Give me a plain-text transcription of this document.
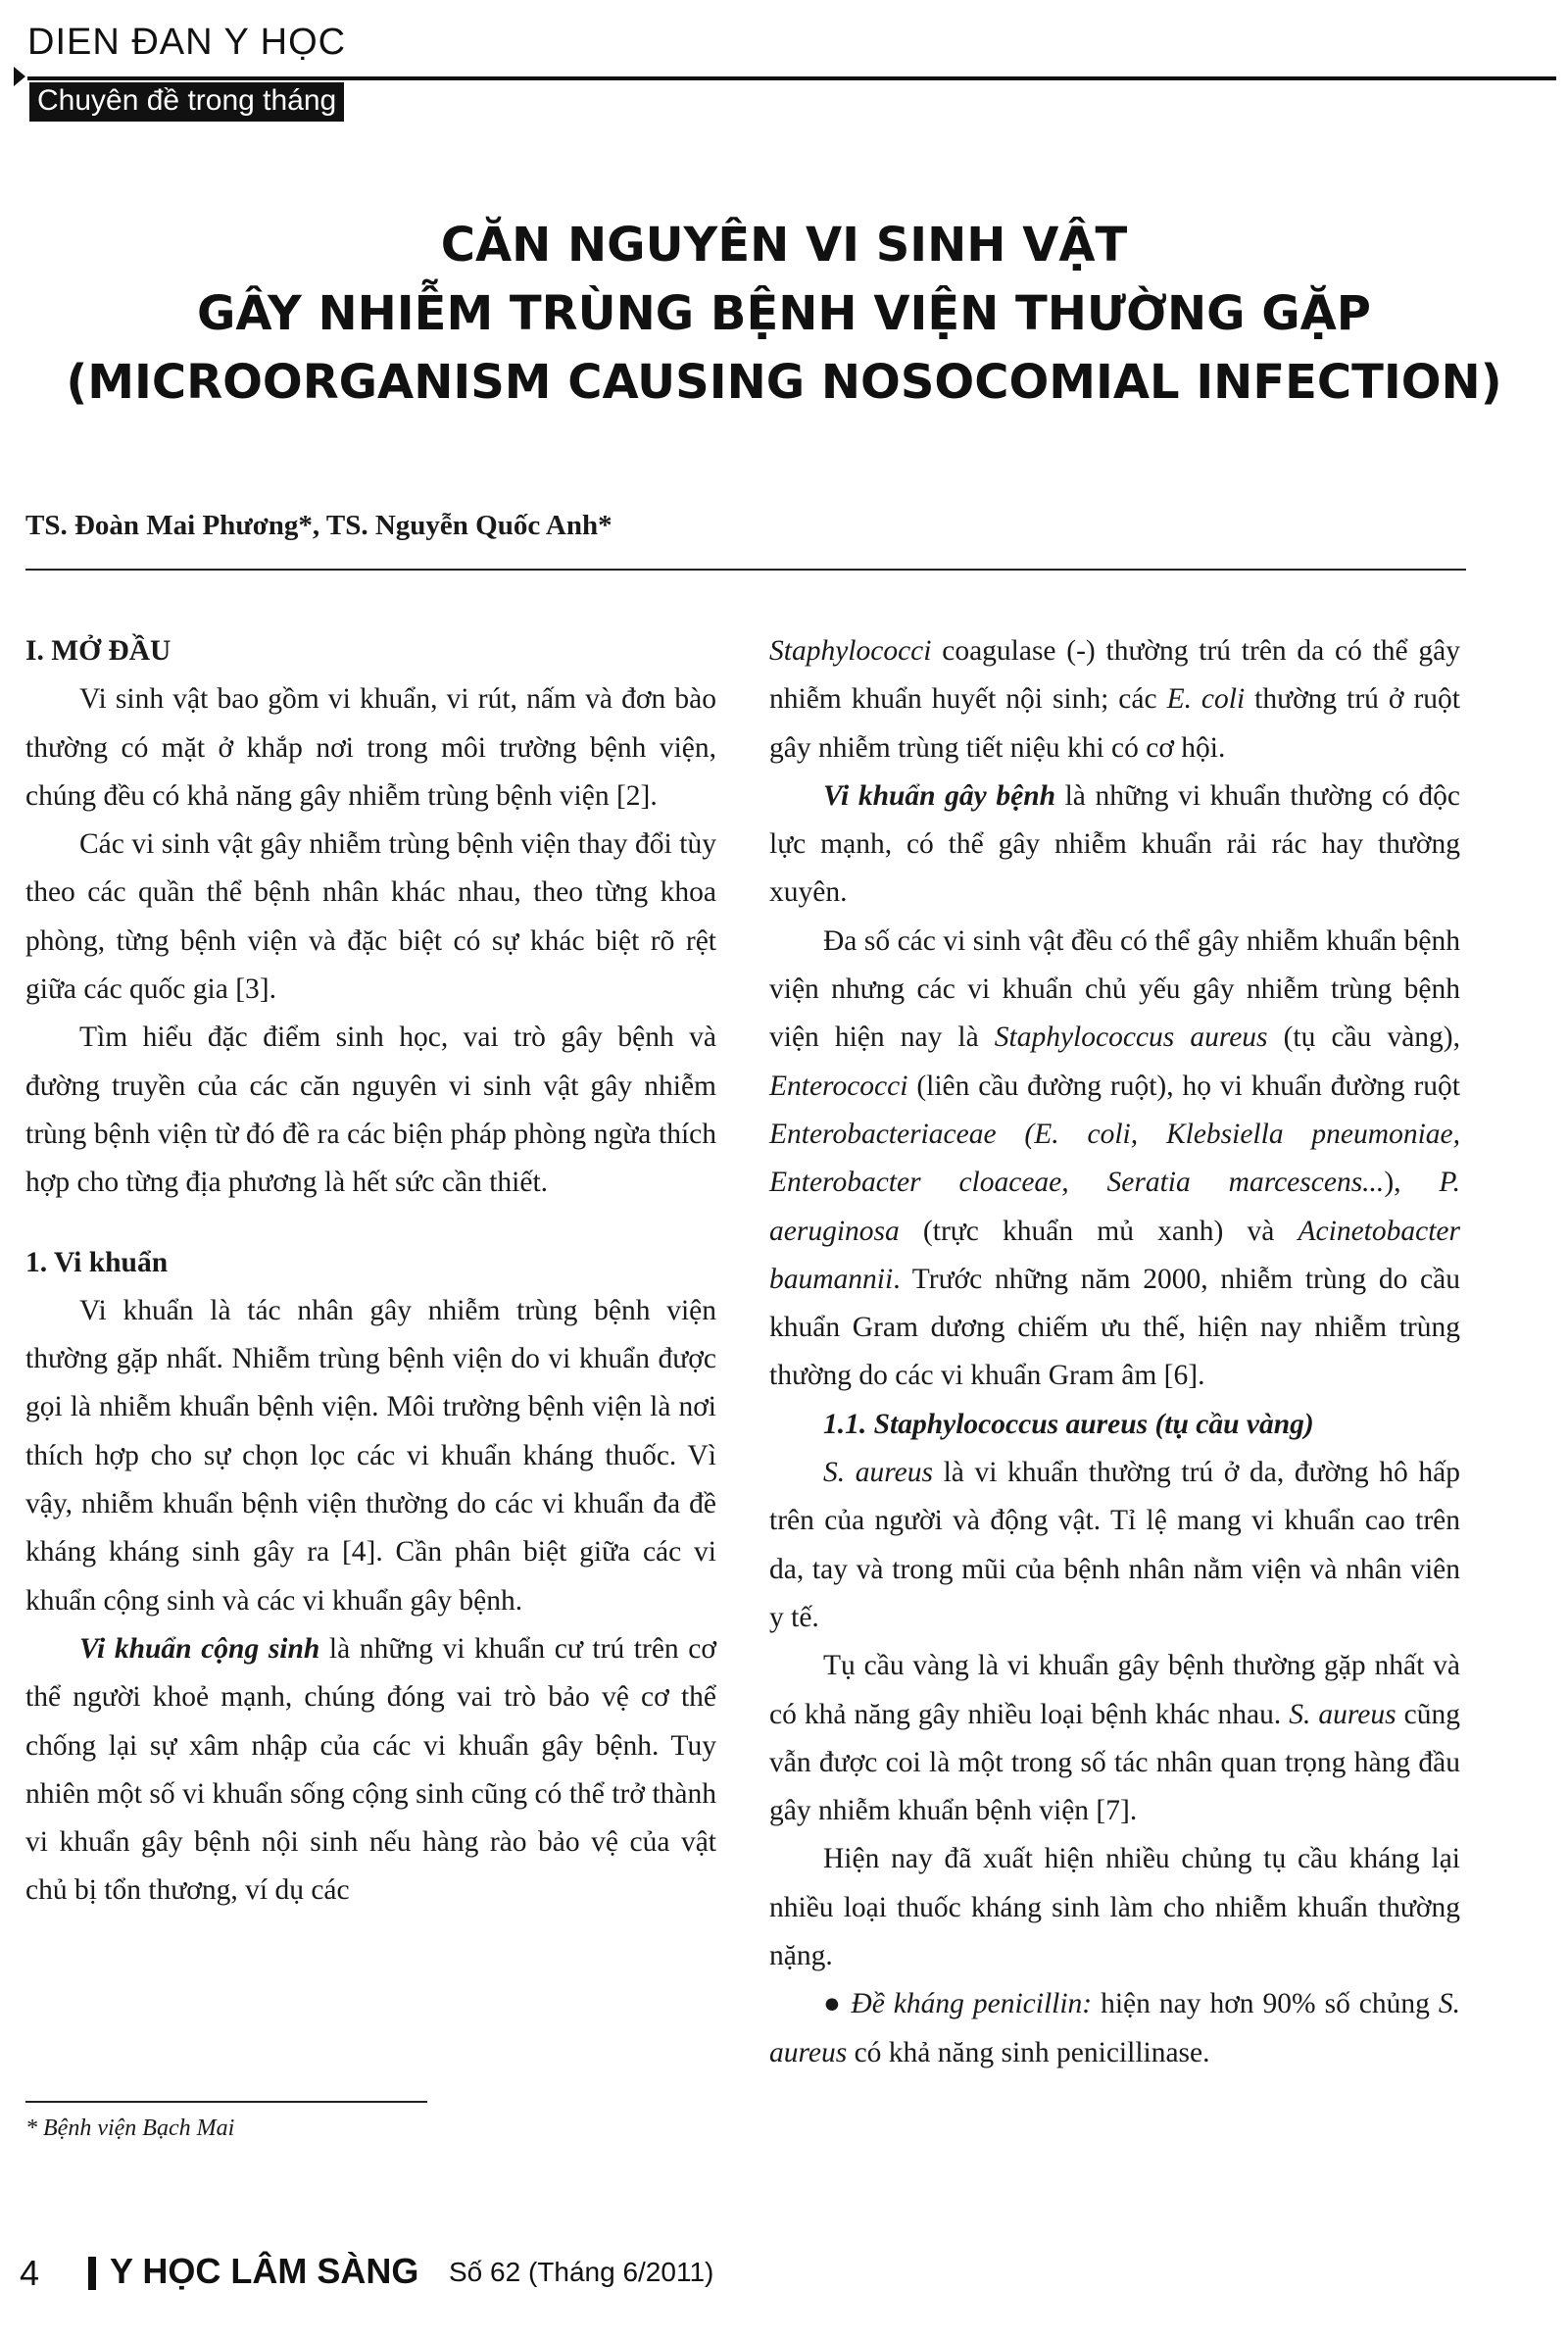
DIEN ĐAN Y HỌC
Chuyên đề trong tháng
CĂN NGUYÊN VI SINH VẬT
GÂY NHIỄM TRÙNG BỆNH VIỆN THƯỜNG GẶP
(MICROORGANISM CAUSING NOSOCOMIAL INFECTION)
TS. Đoàn Mai Phương*, TS. Nguyễn Quốc Anh*
I. MỞ ĐẦU

Vi sinh vật bao gồm vi khuẩn, vi rút, nấm và đơn bào thường có mặt ở khắp nơi trong môi trường bệnh viện, chúng đều có khả năng gây nhiễm trùng bệnh viện [2].

Các vi sinh vật gây nhiễm trùng bệnh viện thay đổi tùy theo các quần thể bệnh nhân khác nhau, theo từng khoa phòng, từng bệnh viện và đặc biệt có sự khác biệt rõ rệt giữa các quốc gia [3].

Tìm hiểu đặc điểm sinh học, vai trò gây bệnh và đường truyền của các căn nguyên vi sinh vật gây nhiễm trùng bệnh viện từ đó đề ra các biện pháp phòng ngừa thích hợp cho từng địa phương là hết sức cần thiết.

1. Vi khuẩn

Vi khuẩn là tác nhân gây nhiễm trùng bệnh viện thường gặp nhất. Nhiễm trùng bệnh viện do vi khuẩn được gọi là nhiễm khuẩn bệnh viện. Môi trường bệnh viện là nơi thích hợp cho sự chọn lọc các vi khuẩn kháng thuốc. Vì vậy, nhiễm khuẩn bệnh viện thường do các vi khuẩn đa đề kháng kháng sinh gây ra [4]. Cần phân biệt giữa các vi khuẩn cộng sinh và các vi khuẩn gây bệnh.

Vi khuẩn cộng sinh là những vi khuẩn cư trú trên cơ thể người khoẻ mạnh, chúng đóng vai trò bảo vệ cơ thể chống lại sự xâm nhập của các vi khuẩn gây bệnh. Tuy nhiên một số vi khuẩn sống cộng sinh cũng có thể trở thành vi khuẩn gây bệnh nội sinh nếu hàng rào bảo vệ của vật chủ bị tổn thương, ví dụ các

Staphylococci coagulase (-) thường trú trên da có thể gây nhiễm khuẩn huyết nội sinh; các E. coli thường trú ở ruột gây nhiễm trùng tiết niệu khi có cơ hội.

Vi khuẩn gây bệnh là những vi khuẩn thường có độc lực mạnh, có thể gây nhiễm khuẩn rải rác hay thường xuyên.

Đa số các vi sinh vật đều có thể gây nhiễm khuẩn bệnh viện nhưng các vi khuẩn chủ yếu gây nhiễm trùng bệnh viện hiện nay là Staphylococcus aureus (tụ cầu vàng), Enterococci (liên cầu đường ruột), họ vi khuẩn đường ruột Enterobacteriaceae (E. coli, Klebsiella pneumoniae, Enterobacter cloaceae, Seratia marcescens...), P. aeruginosa (trực khuẩn mủ xanh) và Acinetobacter baumannii. Trước những năm 2000, nhiễm trùng do cầu khuẩn Gram dương chiếm ưu thế, hiện nay nhiễm trùng thường do các vi khuẩn Gram âm [6].

1.1. Staphylococcus aureus (tụ cầu vàng)

S. aureus là vi khuẩn thường trú ở da, đường hô hấp trên của người và động vật. Tỉ lệ mang vi khuẩn cao trên da, tay và trong mũi của bệnh nhân nằm viện và nhân viên y tế.

Tụ cầu vàng là vi khuẩn gây bệnh thường gặp nhất và có khả năng gây nhiều loại bệnh khác nhau. S. aureus cũng vẫn được coi là một trong số tác nhân quan trọng hàng đầu gây nhiễm khuẩn bệnh viện [7].

Hiện nay đã xuất hiện nhiều chủng tụ cầu kháng lại nhiều loại thuốc kháng sinh làm cho nhiễm khuẩn thường nặng.

● Đề kháng penicillin: hiện nay hơn 90% số chủng S. aureus có khả năng sinh penicillinase.

* Bệnh viện Bạch Mai
4 Y HỌC LÂM SÀNG Số 62 (Tháng 6/2011)
